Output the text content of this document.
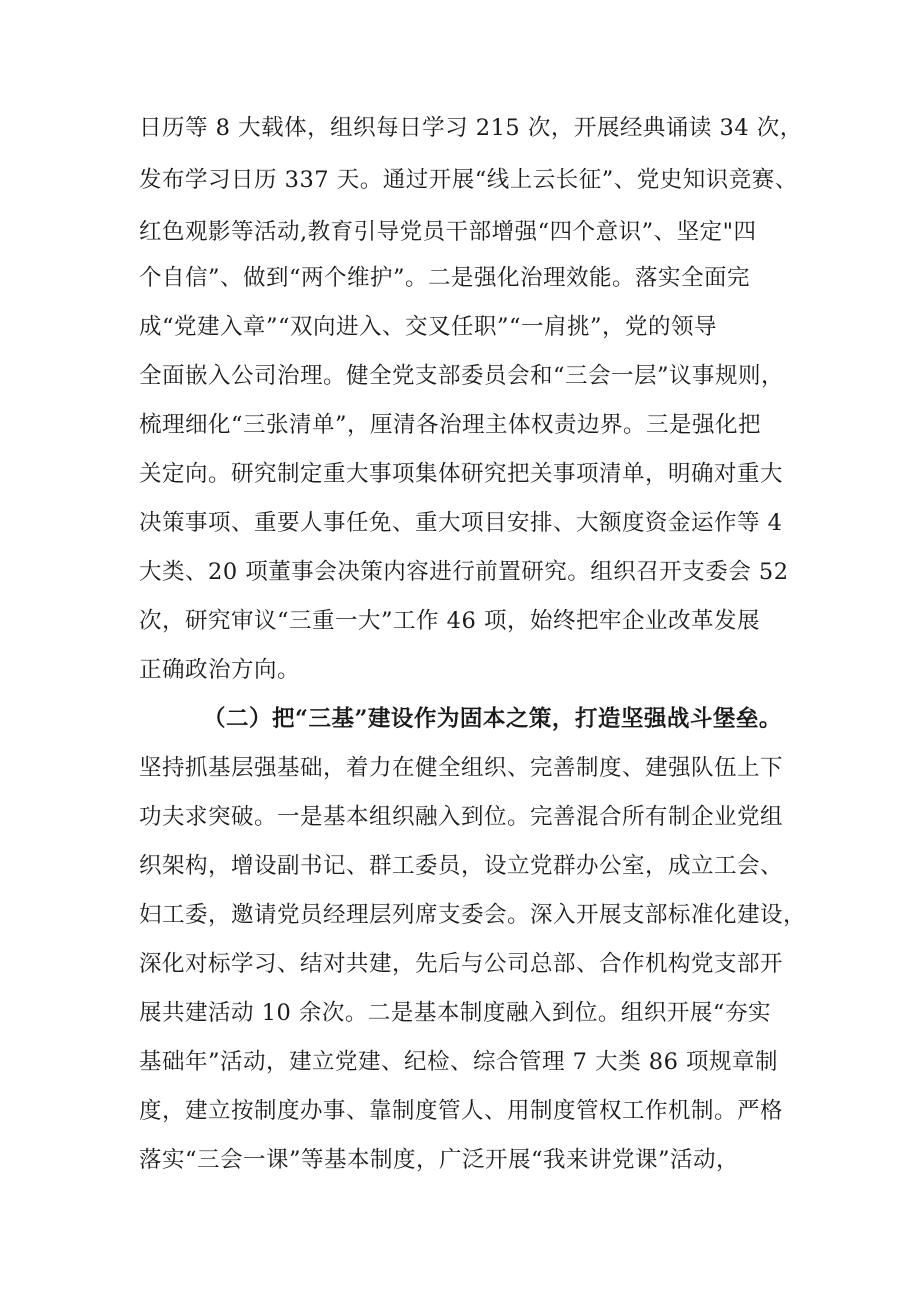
日历等 8 大载体，组织每日学习 215 次，开展经典诵读 34 次，
发布学习日历 337 天。通过开展“线上云长征”、党史知识竞赛、
红色观影等活动,教育引导党员干部增强“四个意识”、坚定"四
个自信”、做到“两个维护”。二是强化治理效能。落实全面完
成“党建入章”“双向进入、交叉任职”“一肩挑”，党的领导
全面嵌入公司治理。健全党支部委员会和“三会一层”议事规则，
梳理细化“三张清单”，厘清各治理主体权责边界。三是强化把
关定向。研究制定重大事项集体研究把关事项清单，明确对重大
决策事项、重要人事任免、重大项目安排、大额度资金运作等 4
大类、20 项董事会决策内容进行前置研究。组织召开支委会 52
次，研究审议“三重一大”工作 46 项，始终把牢企业改革发展
正确政治方向。
（二）把“三基”建设作为固本之策，打造坚强战斗堡垒。
坚持抓基层强基础，着力在健全组织、完善制度、建强队伍上下
功夫求突破。一是基本组织融入到位。完善混合所有制企业党组
织架构，增设副书记、群工委员，设立党群办公室，成立工会、
妇工委，邀请党员经理层列席支委会。深入开展支部标准化建设，
深化对标学习、结对共建，先后与公司总部、合作机构党支部开
展共建活动 10 余次。二是基本制度融入到位。组织开展“夯实
基础年”活动，建立党建、纪检、综合管理 7 大类 86 项规章制
度，建立按制度办事、靠制度管人、用制度管权工作机制。严格
落实“三会一课”等基本制度，广泛开展“我来讲党课”活动，
